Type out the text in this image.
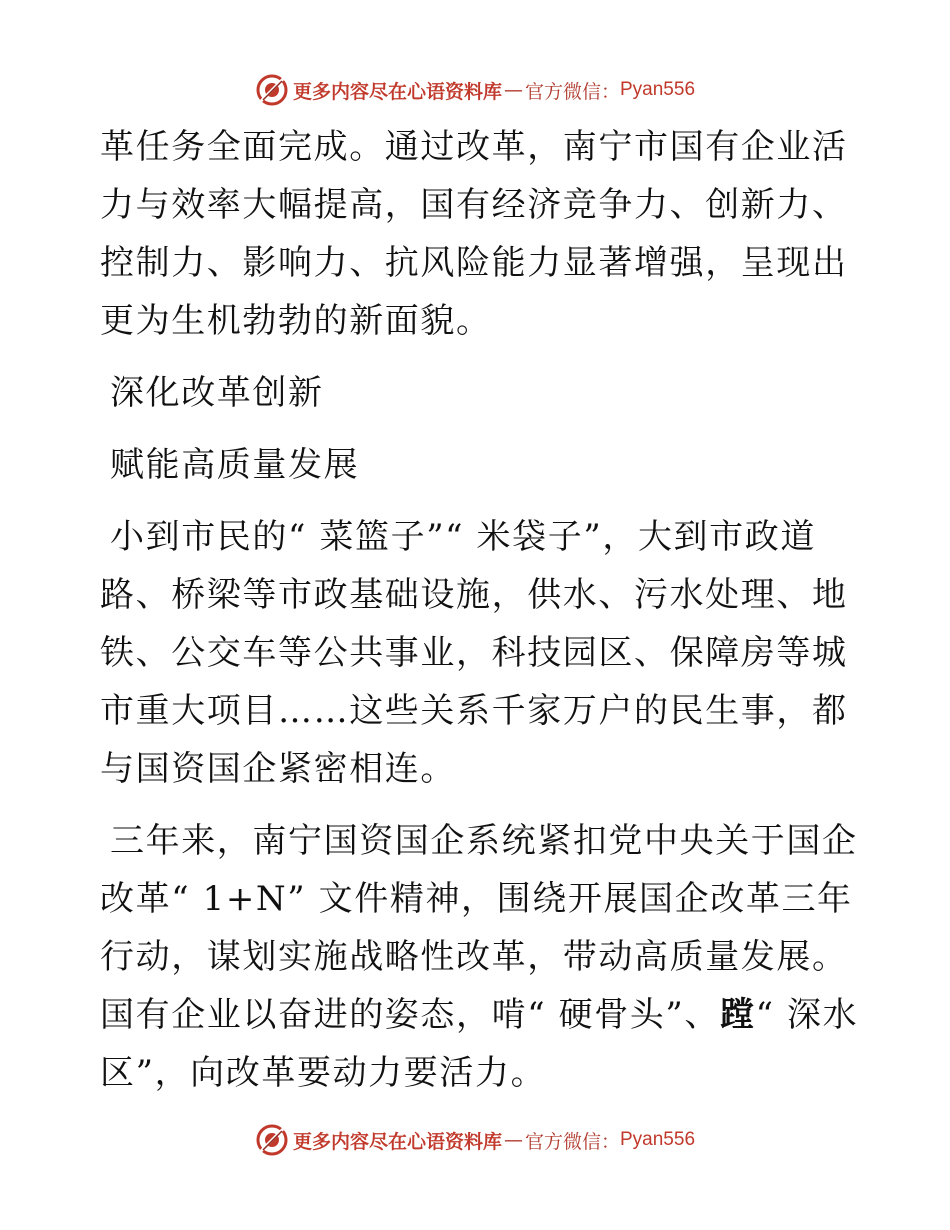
更多内容尽在心语资料库 — 官方微信： Pyan556

革任务全面完成。通过改革，南宁市国有企业活力与效率大幅提高，国有经济竞争力、创新力、控制力、影响力、抗风险能力显著增强，呈现出更为生机勃勃的新面貌。

深化改革创新

赋能高质量发展

小到市民的“ 菜篮子”“ 米袋子”，大到市政道路、桥梁等市政基础设施，供水、污水处理、地铁、公交车等公共事业，科技园区、保障房等城市重大项目……这些关系千家万户的民生事，都与国资国企紧密相连。

三年来，南宁国资国企系统紧扣党中央关于国企改革“ 1+N” 文件精神，围绕开展国企改革三年行动，谋划实施战略性改革，带动高质量发展。国有企业以奋进的姿态，啃“ 硬骨头”、蹚“ 深水区”，向改革要动力要活力。

更多内容尽在心语资料库 — 官方微信： Pyan556
